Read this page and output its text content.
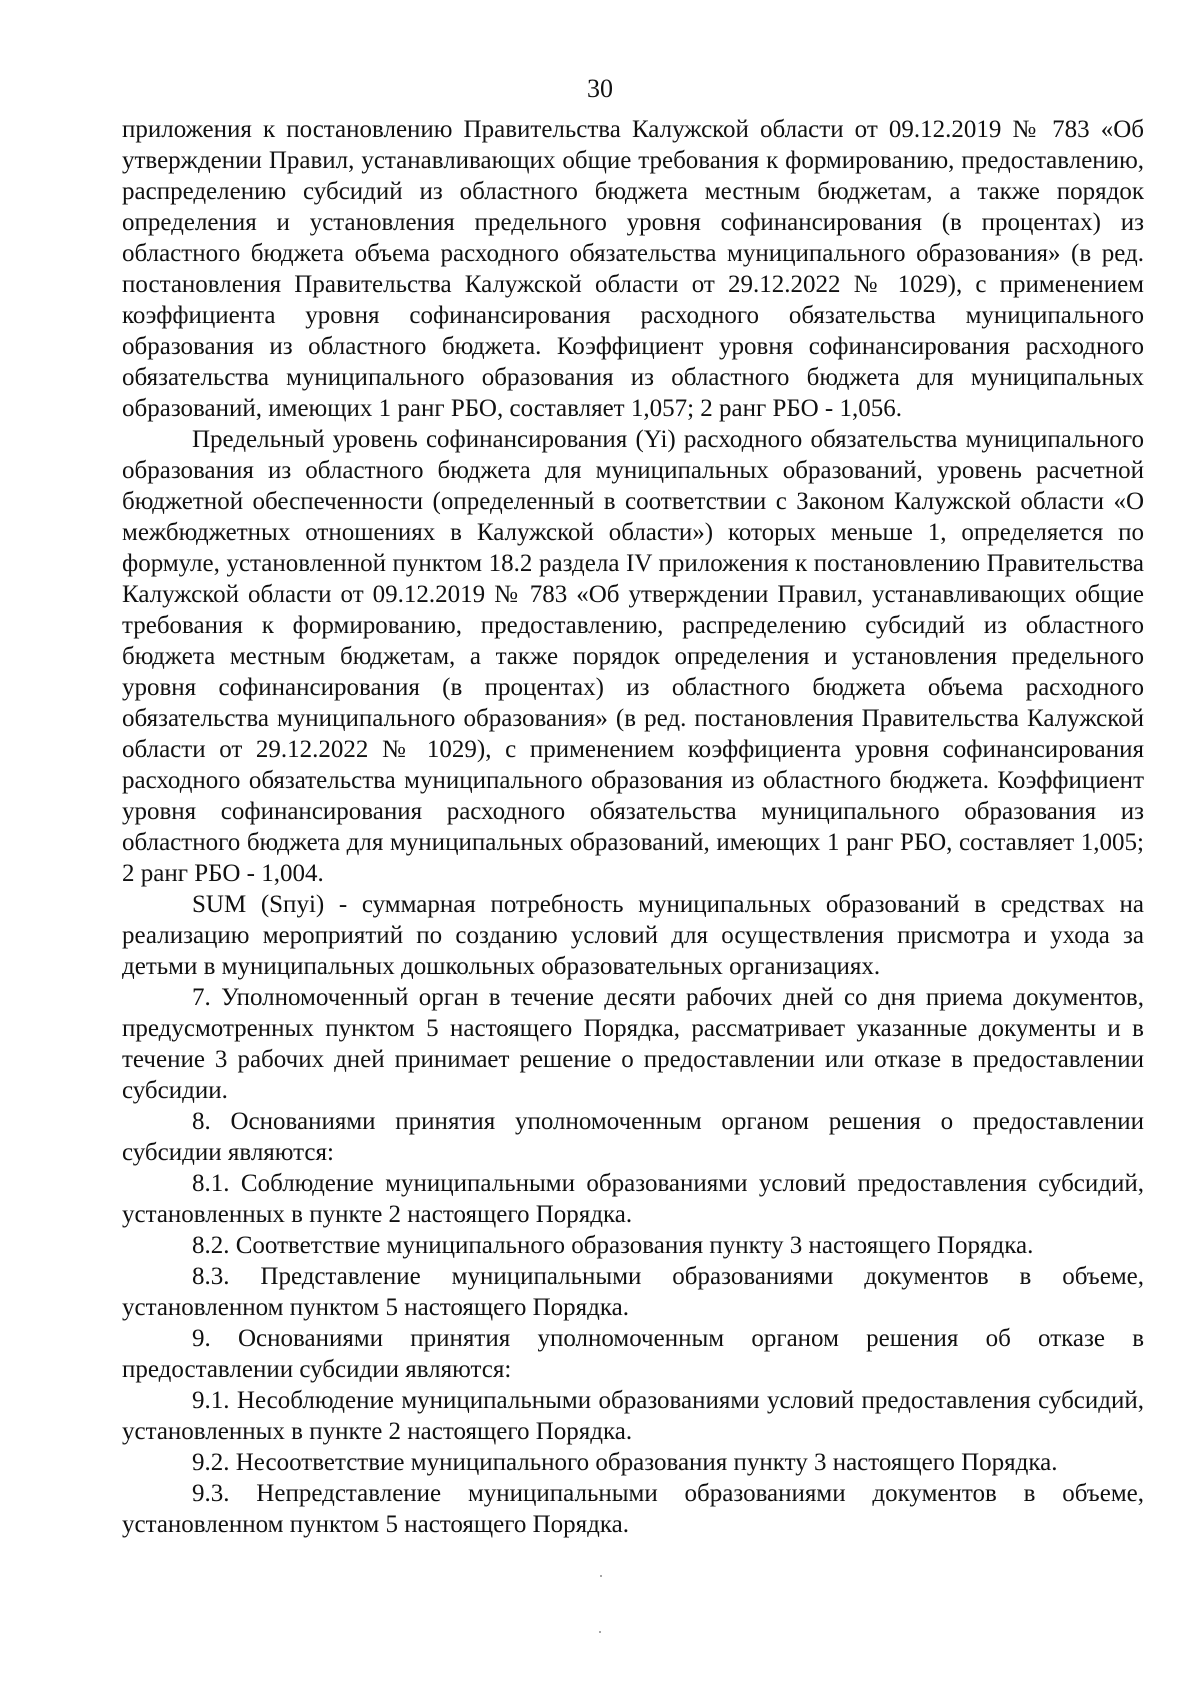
30

приложения к постановлению Правительства Калужской области от 09.12.2019 № 783 «Об утверждении Правил, устанавливающих общие требования к формированию, предоставлению, распределению субсидий из областного бюджета местным бюджетам, а также порядок определения и установления предельного уровня софинансирования (в процентах) из областного бюджета объема расходного обязательства муниципального образования» (в ред. постановления Правительства Калужской области от 29.12.2022 № 1029), с применением коэффициента уровня софинансирования расходного обязательства муниципального образования из областного бюджета. Коэффициент уровня софинансирования расходного обязательства муниципального образования из областного бюджета для муниципальных образований, имеющих 1 ранг РБО, составляет 1,057; 2 ранг РБО - 1,056.

Предельный уровень софинансирования (Yi) расходного обязательства муниципального образования из областного бюджета для муниципальных образований, уровень расчетной бюджетной обеспеченности (определенный в соответствии с Законом Калужской области «О межбюджетных отношениях в Калужской области») которых меньше 1, определяется по формуле, установленной пунктом 18.2 раздела IV приложения к постановлению Правительства Калужской области от 09.12.2019 № 783 «Об утверждении Правил, устанавливающих общие требования к формированию, предоставлению, распределению субсидий из областного бюджета местным бюджетам, а также порядок определения и установления предельного уровня софинансирования (в процентах) из областного бюджета объема расходного обязательства муниципального образования» (в ред. постановления Правительства Калужской области от 29.12.2022 № 1029), с применением коэффициента уровня софинансирования расходного обязательства муниципального образования из областного бюджета. Коэффициент уровня софинансирования расходного обязательства муниципального образования из областного бюджета для муниципальных образований, имеющих 1 ранг РБО, составляет 1,005; 2 ранг РБО - 1,004.

SUM (Sпyi) - суммарная потребность муниципальных образований в средствах на реализацию мероприятий по созданию условий для осуществления присмотра и ухода за детьми в муниципальных дошкольных образовательных организациях.

7. Уполномоченный орган в течение десяти рабочих дней со дня приема документов, предусмотренных пунктом 5 настоящего Порядка, рассматривает указанные документы и в течение 3 рабочих дней принимает решение о предоставлении или отказе в предоставлении субсидии.

8. Основаниями принятия уполномоченным органом решения о предоставлении субсидии являются:

8.1. Соблюдение муниципальными образованиями условий предоставления субсидий, установленных в пункте 2 настоящего Порядка.

8.2. Соответствие муниципального образования пункту 3 настоящего Порядка.

8.3. Представление муниципальными образованиями документов в объеме, установленном пунктом 5 настоящего Порядка.

9. Основаниями принятия уполномоченным органом решения об отказе в предоставлении субсидии являются:

9.1. Несоблюдение муниципальными образованиями условий предоставления субсидий, установленных в пункте 2 настоящего Порядка.

9.2. Несоответствие муниципального образования пункту 3 настоящего Порядка.

9.3. Непредставление муниципальными образованиями документов в объеме, установленном пунктом 5 настоящего Порядка.
